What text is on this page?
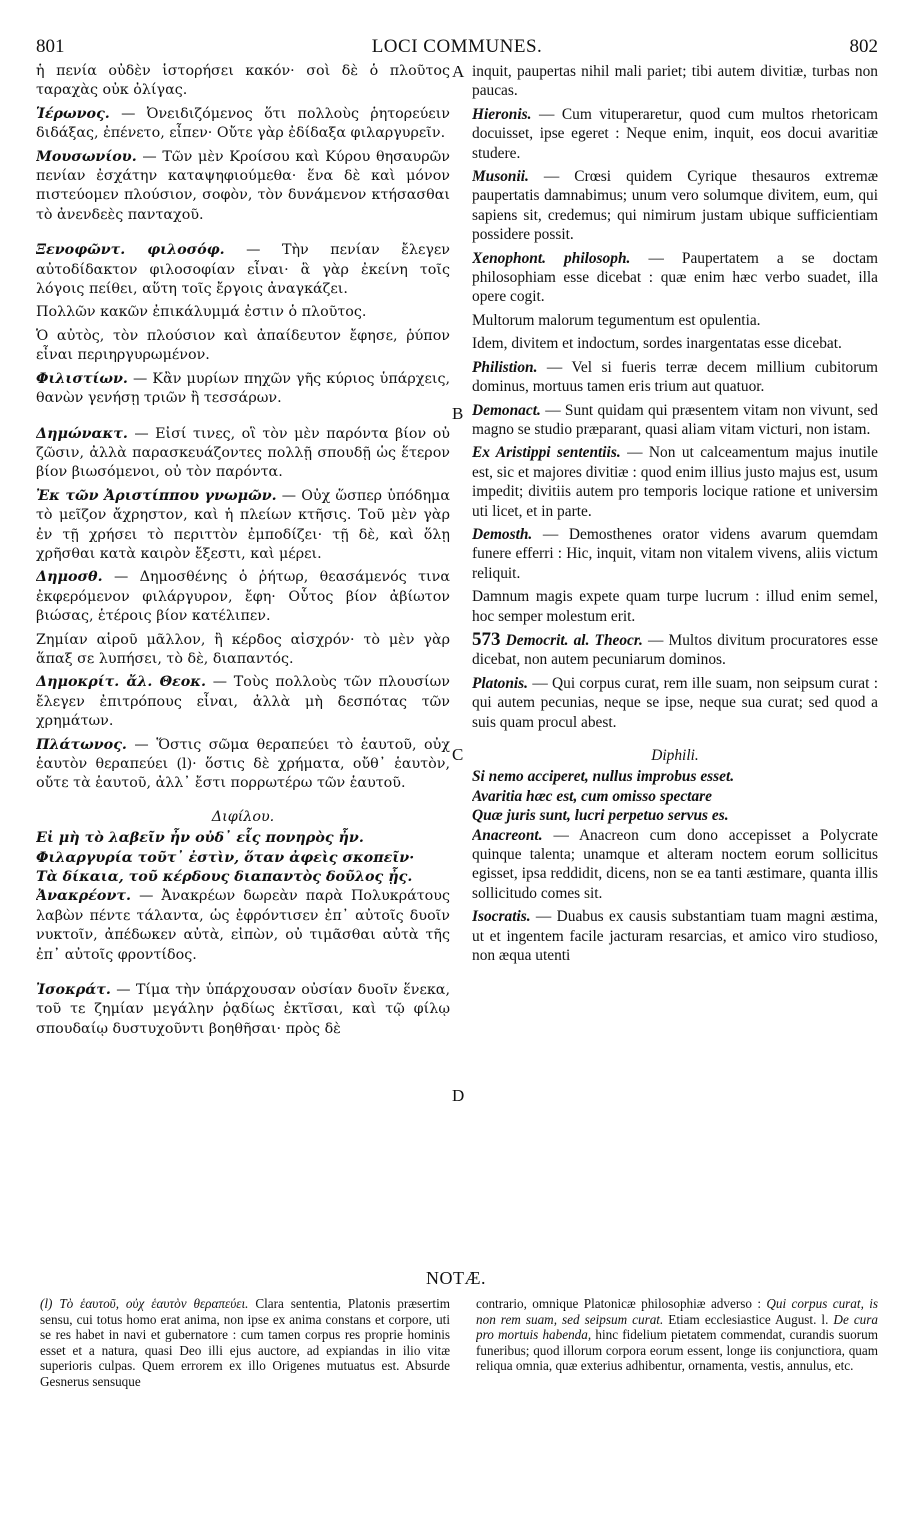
801	LOCI COMMUNES.	802

ἡ πενία οὐδὲν ἱστορήσει κακόν· σοὶ δὲ ὁ πλοῦτος ταραχὰς οὐκ ὀλίγας.

Ἱέρωνος. — Ὀνειδιζόμενος ὅτι πολλοὺς ῥητορεύειν διδάξας, ἐπένετο, εἶπεν· Οὔτε γὰρ ἐδίδαξα φιλαργυρεῖν.

Μουσωνίου. — Τῶν μὲν Κροίσου καὶ Κύρου θησαυρῶν πενίαν ἐσχάτην καταψηφιούμεθα· ἕνα δὲ καὶ μόνον πιστεύομεν πλούσιον, σοφὸν, τὸν δυνάμενον κτήσασθαι τὸ ἀνενδεὲς πανταχοῦ.

Ξενοφῶντ. φιλοσόφ. — Τὴν πενίαν ἔλεγεν αὐτοδίδακτον φιλοσοφίαν εἶναι· ἃ γὰρ ἐκείνη τοῖς λόγοις πείθει, αὕτη τοῖς ἔργοις ἀναγκάζει.

Πολλῶν κακῶν ἐπικάλυμμά ἐστιν ὁ πλοῦτος.

Ὁ αὐτὸς, τὸν πλούσιον καὶ ἀπαίδευτον ἔφησε, ῥύπον εἶναι περιηργυρωμένον.

Φιλιστίων. — Κἂν μυρίων πηχῶν γῆς κύριος ὑπάρχεις, θανὼν γενήσῃ τριῶν ἢ τεσσάρων.

Δημώνακτ. — Εἰσί τινες, οἳ τὸν μὲν παρόντα βίον οὐ ζῶσιν, ἀλλὰ παρασκευάζοντες πολλῇ σπουδῇ ὡς ἕτερον βίον βιωσόμενοι, οὐ τὸν παρόντα.

Ἐκ τῶν Ἀριστίππου γνωμῶν. — Οὐχ ὥσπερ ὑπόδημα τὸ μεῖζον ἄχρηστον, καὶ ἡ πλείων κτῆσις. Τοῦ μὲν γὰρ ἐν τῇ χρήσει τὸ περιττὸν ἐμποδίζει· τῇ δὲ, καὶ ὅλῃ χρῆσθαι κατὰ καιρὸν ἔξεστι, καὶ μέρει.

Δημοσθ. — Δημοσθένης ὁ ῥήτωρ, θεασάμενός τινα ἐκφερόμενον φιλάργυρον, ἔφη· Οὗτος βίον ἀβίωτον βιώσας, ἑτέροις βίον κατέλιπεν.

Ζημίαν αἱροῦ μᾶλλον, ἢ κέρδος αἰσχρόν· τὸ μὲν γὰρ ἅπαξ σε λυπήσει, τὸ δὲ, διαπαντός.

Δημοκρίτ. ἄλ. Θεοκ. — Τοὺς πολλοὺς τῶν πλουσίων ἔλεγεν ἐπιτρόπους εἶναι, ἀλλὰ μὴ δεσπότας τῶν χρημάτων.

Πλάτωνος. — Ὅστις σῶμα θεραπεύει τὸ ἑαυτοῦ, οὐχ ἑαυτὸν θεραπεύει (l)· ὅστις δὲ χρήματα, οὔθ᾽ ἑαυτὸν, οὔτε τὰ ἑαυτοῦ, ἀλλ᾽ ἔστι πορρωτέρω τῶν ἑαυτοῦ.

Διφίλου.

Εἰ μὴ τὸ λαβεῖν ἦν οὐδ᾽ εἷς πονηρὸς ἦν.

Φιλαργυρία τοῦτ᾽ ἐστὶν, ὅταν ἀφεὶς σκοπεῖν·

Τὰ δίκαια, τοῦ κέρδους διαπαντὸς δοῦλος ᾖς.

Ἀνακρέοντ. — Ἀνακρέων δωρεὰν παρὰ Πολυκράτους λαβὼν πέντε τάλαντα, ὡς ἐφρόντισεν ἐπ᾽ αὐτοῖς δυοῖν νυκτοῖν, ἀπέδωκεν αὐτὰ, εἰπὼν, οὐ τιμᾶσθαι αὐτὰ τῆς ἐπ᾽ αὐτοῖς φροντίδος.

Ἰσοκράτ. — Τίμα τὴν ὑπάρχουσαν οὐσίαν δυοῖν ἕνεκα, τοῦ τε ζημίαν μεγάλην ῥᾳδίως ἐκτῖσαι, καὶ τῷ φίλῳ σπουδαίῳ δυστυχοῦντι βοηθῆσαι· πρὸς δὲ

inquit, paupertas nihil mali pariet; tibi autem divitiæ, turbas non paucas.

Hieronis. — Cum vituperaretur, quod cum multos rhetoricam docuisset, ipse egeret : Neque enim, inquit, eos docui avaritiæ studere.

Musonii. — Crœsi quidem Cyrique thesauros extremæ paupertatis damnabimus; unum vero solumque divitem, eum, qui sapiens sit, credemus; qui nimirum justam ubique sufficientiam possidere possit.

Xenophont. philosoph. — Paupertatem a se doctam philosophiam esse dicebat : quæ enim hæc verbo suadet, illa opere cogit.

Multorum malorum tegumentum est opulentia.

Idem, divitem et indoctum, sordes inargentatas esse dicebat.

Philistion. — Vel si fueris terræ decem millium cubitorum dominus, mortuus tamen eris trium aut quatuor.

Demonact. — Sunt quidam qui præsentem vitam non vivunt, sed magno se studio præparant, quasi aliam vitam victuri, non istam.

Ex Aristippi sententiis. — Non ut calceamentum majus inutile est, sic et majores divitiæ : quod enim illius justo majus est, usum impedit; divitiis autem pro temporis locique ratione et universim uti licet, et in parte.

Demosth. — Demosthenes orator videns avarum quemdam funere efferri : Hic, inquit, vitam non vitalem vivens, aliis victum reliquit.

Damnum magis expete quam turpe lucrum : illud enim semel, hoc semper molestum erit.

573 Democrit. al. Theocr. — Multos divitum procuratores esse dicebat, non autem pecuniarum dominos.

Platonis. — Qui corpus curat, rem ille suam, non seipsum curat : qui autem pecunias, neque se ipse, neque sua curat; sed quod a suis quam procul abest.

Diphili.

Si nemo acciperet, nullus improbus esset.

Avaritia hæc est, cum omisso spectare

Quæ juris sunt, lucri perpetuo servus es.

Anacreont. — Anacreon cum dono accepisset a Polycrate quinque talenta; unamque et alteram noctem eorum sollicitus egisset, ipsa reddidit, dicens, non se ea tanti æstimare, quanta illis sollicitudo comes sit.

Isocratis. — Duabus ex causis substantiam tuam magni æstima, ut et ingentem facile jacturam resarcias, et amico viro studioso, non æqua utenti

A
B
C
D
NOTÆ.
(l) Τὸ ἑαυτοῦ, οὐχ ἑαυτὸν θεραπεύει. Clara sententia, Platonis præsertim sensu, cui totus homo erat anima, non ipse ex anima constans et corpore, uti se res habet in navi et gubernatore : cum tamen corpus res proprie hominis esset et a natura, quasi Deo illi ejus auctore, ad expiandas in ilio vitæ superioris culpas. Quem errorem ex illo Origenes mutuatus est. Absurde Gesnerus sensuque
contrario, omnique Platonicæ philosophiæ adverso : Qui corpus curat, is non rem suam, sed seipsum curat. Etiam ecclesiastice August. l. De cura pro mortuis habenda, hinc fidelium pietatem commendat, curandis suorum funeribus; quod illorum corpora eorum essent, longe iis conjunctiora, quam reliqua omnia, quæ exterius adhibentur, ornamenta, vestis, annulus, etc.
